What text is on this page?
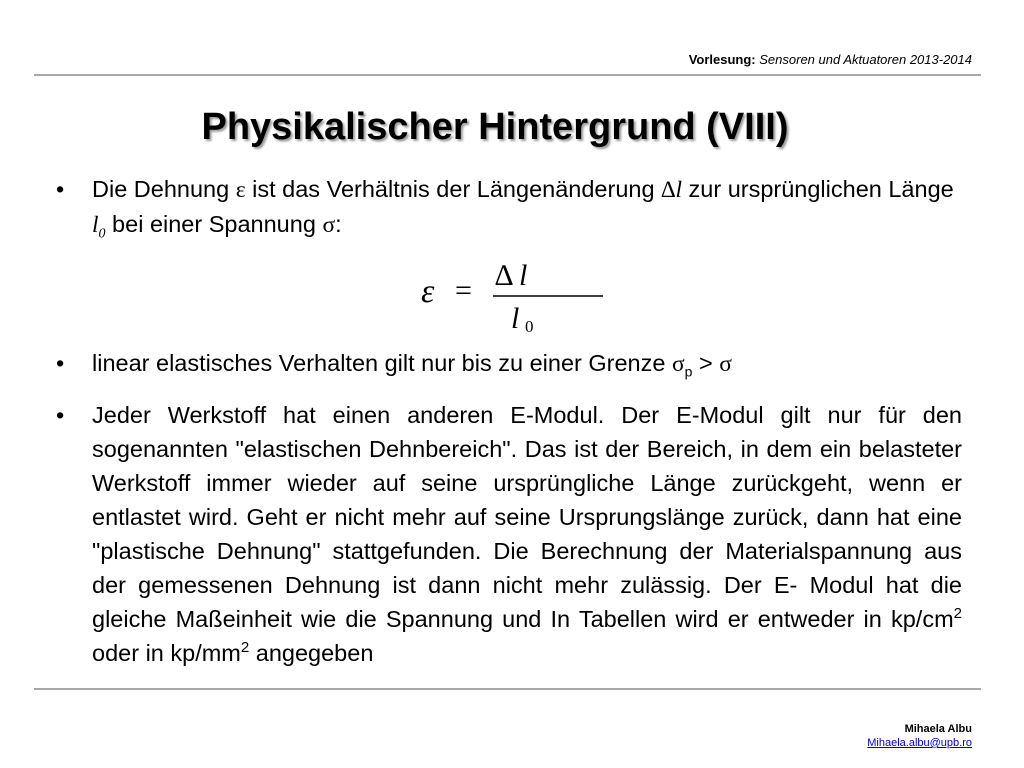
Vorlesung: Sensoren und Aktuatoren 2013-2014
Physikalischer Hintergrund (VIII)
• Die Dehnung ε ist das Verhältnis der Längenänderung ∆l zur ursprünglichen Länge $l_0$ bei einer Spannung σ:
ε = ∆ l
l 0
• linear elastisches Verhalten gilt nur bis zu einer Grenze $\sigma_p > \sigma$
• Jeder Werkstoff hat einen anderen E-Modul. Der E-Modul gilt nur für den sogenannten "elastischen Dehnbereich". Das ist der Bereich, in dem ein belasteter Werkstoff immer wieder auf seine ursprüngliche Länge zurückgeht, wenn er entlastet wird. Geht er nicht mehr auf seine Ursprungslänge zurück, dann hat eine "plastische Dehnung" stattgefunden. Die Berechnung der Materialspannung aus der gemessenen Dehnung ist dann nicht mehr zulässig. Der E- Modul hat die gleiche Maßeinheit wie die Spannung und In Tabellen wird er entweder in $kp/cm^2$ oder in $kp/mm^2$ angegeben
Mihaela Albu
Mihaela.albu@upb.ro
